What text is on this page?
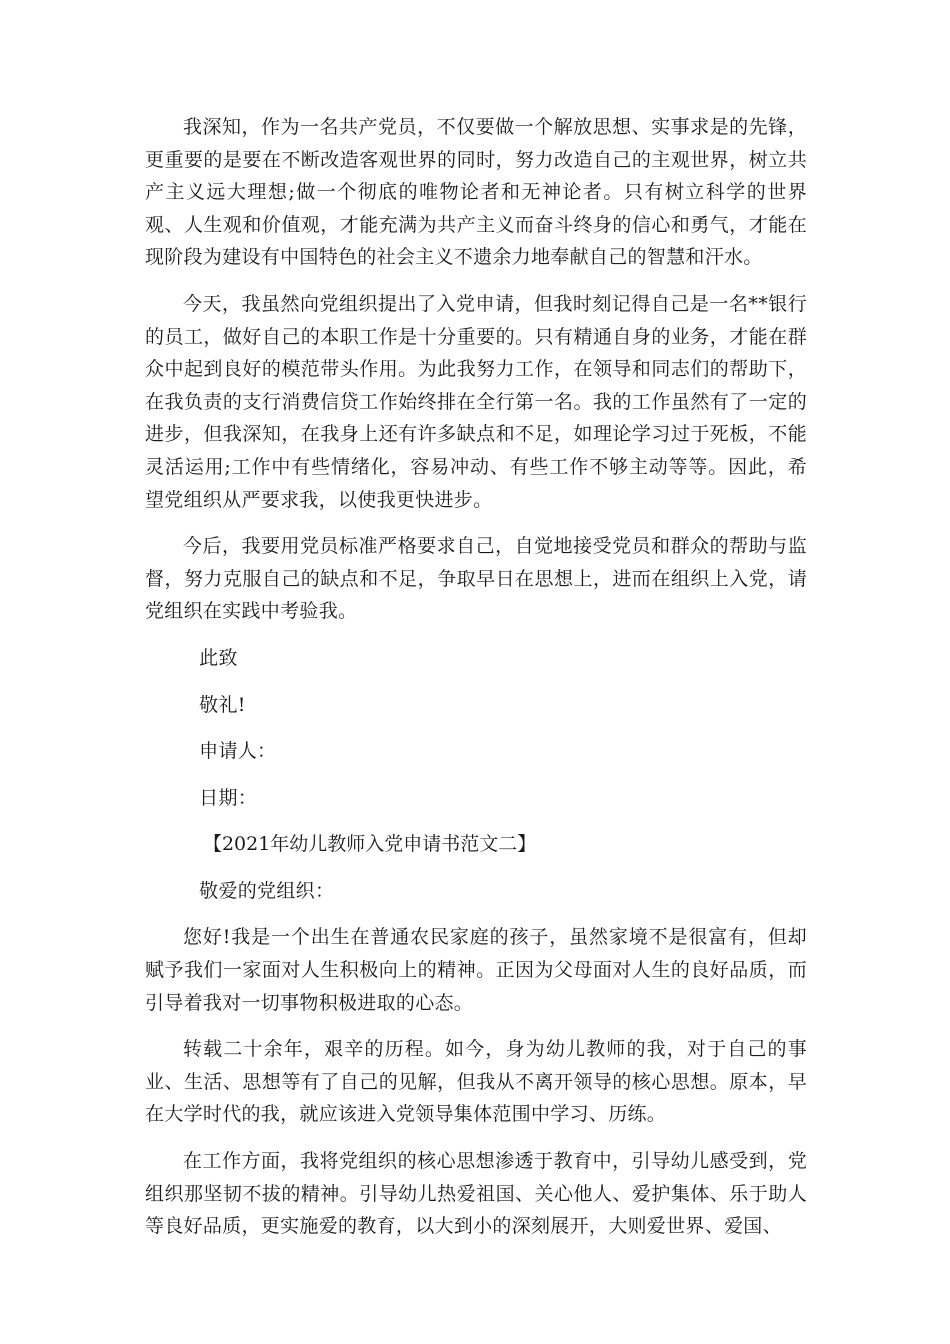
我深知，作为一名共产党员，不仅要做一个解放思想、实事求是的先锋，更重要的是要在不断改造客观世界的同时，努力改造自己的主观世界，树立共产主义远大理想;做一个彻底的唯物论者和无神论者。只有树立科学的世界观、人生观和价值观，才能充满为共产主义而奋斗终身的信心和勇气，才能在现阶段为建设有中国特色的社会主义不遗余力地奉献自己的智慧和汗水。

今天，我虽然向党组织提出了入党申请，但我时刻记得自己是一名**银行的员工，做好自己的本职工作是十分重要的。只有精通自身的业务，才能在群众中起到良好的模范带头作用。为此我努力工作，在领导和同志们的帮助下，在我负责的支行消费信贷工作始终排在全行第一名。我的工作虽然有了一定的进步，但我深知，在我身上还有许多缺点和不足，如理论学习过于死板，不能灵活运用;工作中有些情绪化，容易冲动、有些工作不够主动等等。因此，希望党组织从严要求我，以使我更快进步。

今后，我要用党员标准严格要求自己，自觉地接受党员和群众的帮助与监督，努力克服自己的缺点和不足，争取早日在思想上，进而在组织上入党，请党组织在实践中考验我。

此致

敬礼!

申请人：

日期：

【2021年幼儿教师入党申请书范文二】

敬爱的党组织：

您好!我是一个出生在普通农民家庭的孩子，虽然家境不是很富有，但却赋予我们一家面对人生积极向上的精神。正因为父母面对人生的良好品质，而引导着我对一切事物积极进取的心态。

转载二十余年，艰辛的历程。如今，身为幼儿教师的我，对于自己的事业、生活、思想等有了自己的见解，但我从不离开领导的核心思想。原本，早在大学时代的我，就应该进入党领导集体范围中学习、历练。

在工作方面，我将党组织的核心思想渗透于教育中，引导幼儿感受到，党组织那坚韧不拔的精神。引导幼儿热爱祖国、关心他人、爱护集体、乐于助人等良好品质，更实施爱的教育，以大到小的深刻展开，大则爱世界、爱国、
